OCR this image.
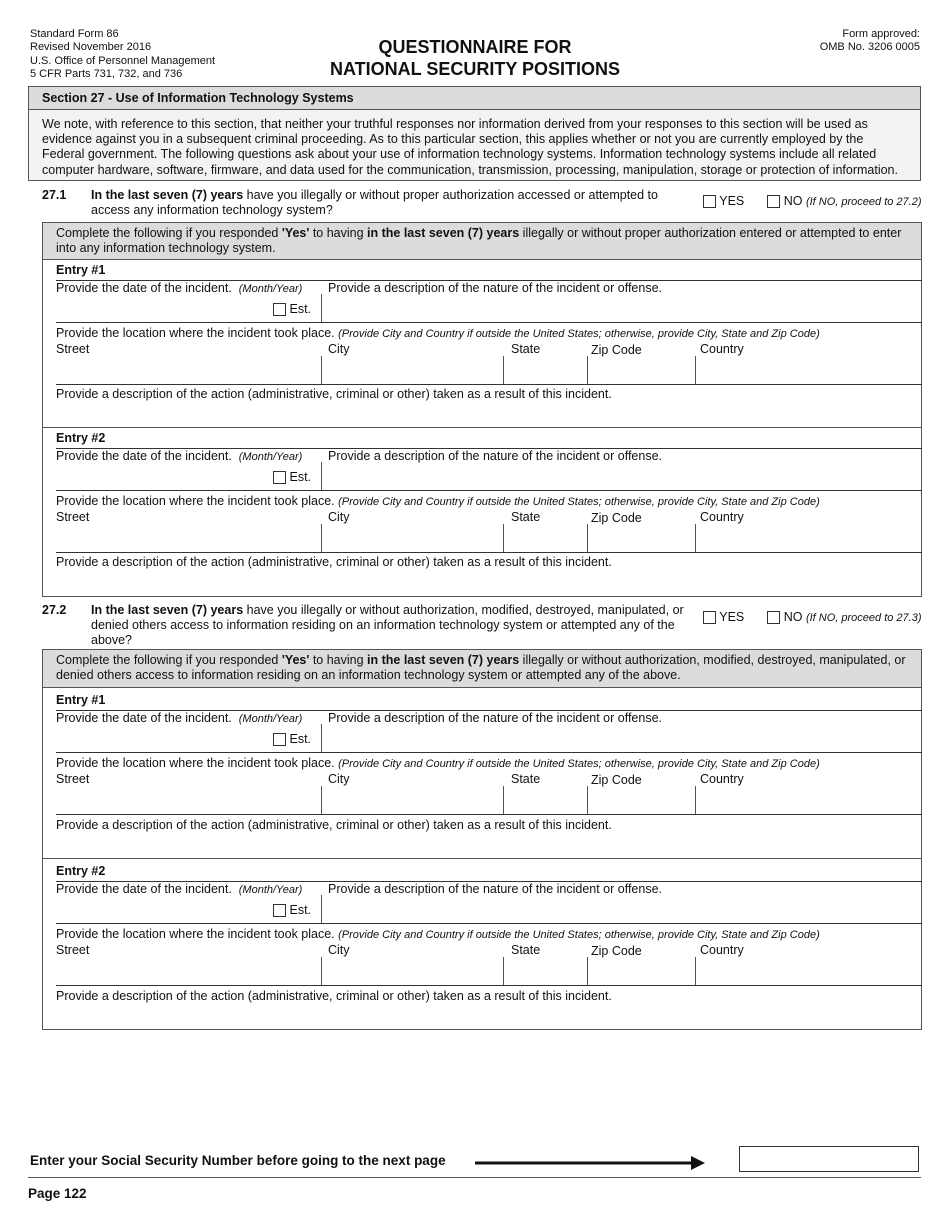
Standard Form 86
Revised November 2016
U.S. Office of Personnel Management
5 CFR Parts 731, 732, and 736
QUESTIONNAIRE FOR
NATIONAL SECURITY POSITIONS
Form approved:
OMB No. 3206 0005
Section 27 - Use of Information Technology Systems
We note, with reference to this section, that neither your truthful responses nor information derived from your responses to this section will be used as evidence against you in a subsequent criminal proceeding. As to this particular section, this applies whether or not you are currently employed by the Federal government. The following questions ask about your use of information technology systems. Information technology systems include all related computer hardware, software, firmware, and data used for the communication, transmission, processing, manipulation, storage or protection of information.
27.1 In the last seven (7) years have you illegally or without proper authorization accessed or attempted to access any information technology system?
YES	NO (If NO, proceed to 27.2)
Complete the following if you responded 'Yes' to having in the last seven (7) years illegally or without proper authorization entered or attempted to enter into any information technology system.
Entry #1
Provide the date of the incident. (Month/Year)
Est.
Provide a description of the nature of the incident or offense.
Provide the location where the incident took place. (Provide City and Country if outside the United States; otherwise, provide City, State and Zip Code)
Street	City	State	Zip Code	Country
Provide a description of the action (administrative, criminal or other) taken as a result of this incident.
Entry #2
Provide the date of the incident. (Month/Year)
Est.
Provide a description of the nature of the incident or offense.
Provide the location where the incident took place. (Provide City and Country if outside the United States; otherwise, provide City, State and Zip Code)
Street	City	State	Zip Code	Country
Provide a description of the action (administrative, criminal or other) taken as a result of this incident.
27.2 In the last seven (7) years have you illegally or without authorization, modified, destroyed, manipulated, or denied others access to information residing on an information technology system or attempted any of the above?
YES	NO (If NO, proceed to 27.3)
Complete the following if you responded 'Yes' to having in the last seven (7) years illegally or without authorization, modified, destroyed, manipulated, or denied others access to information residing on an information technology system or attempted any of the above.
Entry #1
Provide the date of the incident. (Month/Year)
Est.
Provide a description of the nature of the incident or offense.
Provide the location where the incident took place. (Provide City and Country if outside the United States; otherwise, provide City, State and Zip Code)
Street	City	State	Zip Code	Country
Provide a description of the action (administrative, criminal or other) taken as a result of this incident.
Entry #2
Provide the date of the incident. (Month/Year)
Est.
Provide a description of the nature of the incident or offense.
Provide the location where the incident took place. (Provide City and Country if outside the United States; otherwise, provide City, State and Zip Code)
Street	City	State	Zip Code	Country
Provide a description of the action (administrative, criminal or other) taken as a result of this incident.
Enter your Social Security Number before going to the next page
Page 122
